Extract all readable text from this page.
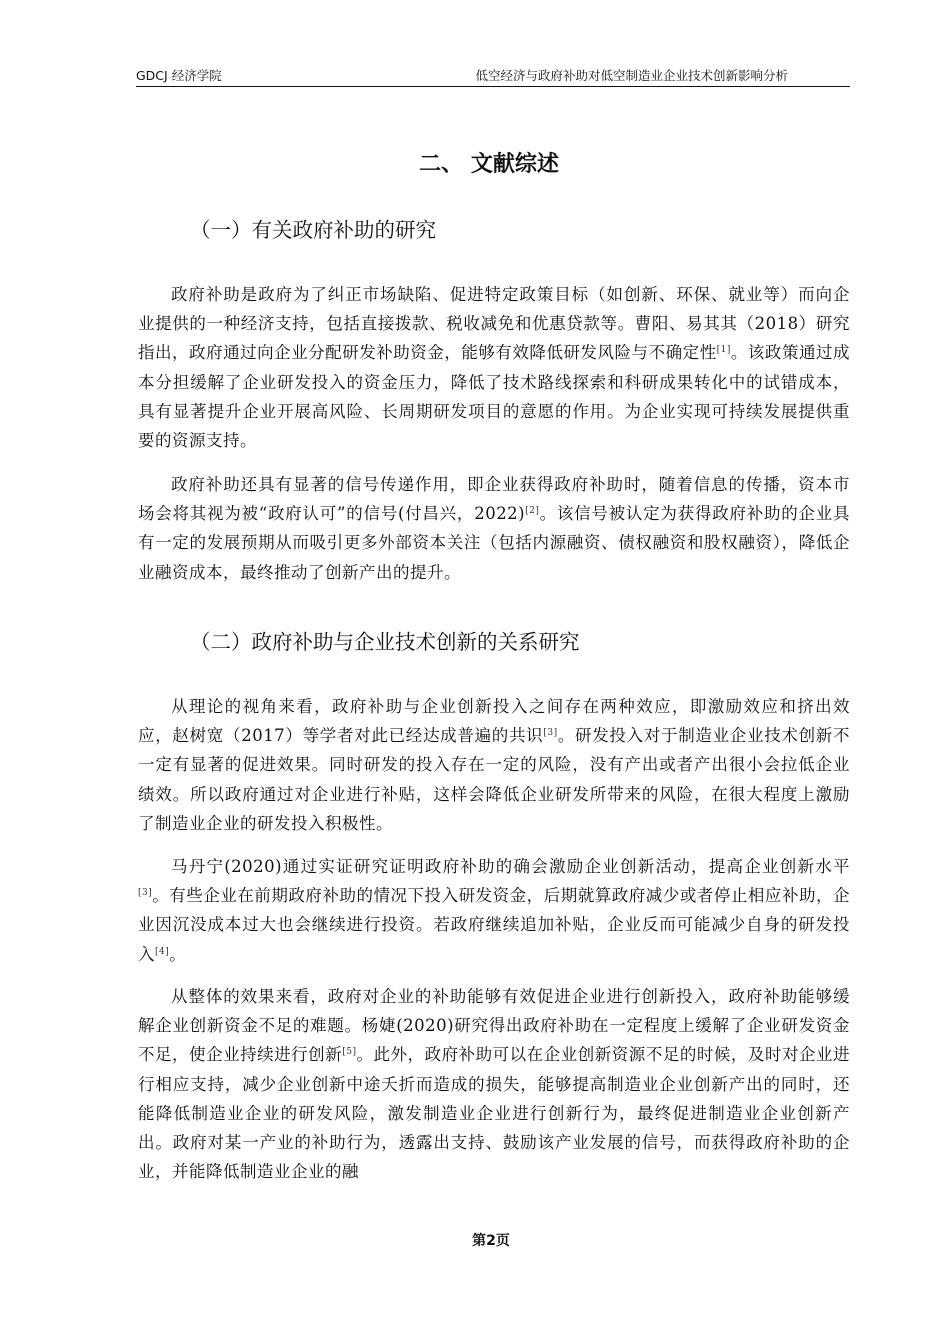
GDCJ 经济学院	低空经济与政府补助对低空制造业企业技术创新影响分析
二、 文献综述
（一）有关政府补助的研究

政府补助是政府为了纠正市场缺陷、促进特定政策目标（如创新、环保、就业等）而向企业提供的一种经济支持，包括直接拨款、税收减免和优惠贷款等。曹阳、易其其（2018）研究指出，政府通过向企业分配研发补助资金，能够有效降低研发风险与不确定性[1]。该政策通过成本分担缓解了企业研发投入的资金压力，降低了技术路线探索和科研成果转化中的试错成本，具有显著提升企业开展高风险、长周期研发项目的意愿的作用。为企业实现可持续发展提供重要的资源支持。

政府补助还具有显著的信号传递作用，即企业获得政府补助时，随着信息的传播，资本市场会将其视为被“政府认可”的信号(付昌兴，2022)[2]。该信号被认定为获得政府补助的企业具有一定的发展预期从而吸引更多外部资本关注（包括内源融资、债权融资和股权融资），降低企业融资成本，最终推动了创新产出的提升。

（二）政府补助与企业技术创新的关系研究

从理论的视角来看，政府补助与企业创新投入之间存在两种效应，即激励效应和挤出效应，赵树宽（2017）等学者对此已经达成普遍的共识[3]。研发投入对于制造业企业技术创新不一定有显著的促进效果。同时研发的投入存在一定的风险，没有产出或者产出很小会拉低企业绩效。所以政府通过对企业进行补贴，这样会降低企业研发所带来的风险，在很大程度上激励了制造业企业的研发投入积极性。

马丹宁(2020)通过实证研究证明政府补助的确会激励企业创新活动，提高企业创新水平[3]。有些企业在前期政府补助的情况下投入研发资金，后期就算政府减少或者停止相应补助，企业因沉没成本过大也会继续进行投资。若政府继续追加补贴，企业反而可能减少自身的研发投入[4]。

从整体的效果来看，政府对企业的补助能够有效促进企业进行创新投入，政府补助能够缓解企业创新资金不足的难题。杨婕(2020)研究得出政府补助在一定程度上缓解了企业研发资金不足，使企业持续进行创新[5]。此外，政府补助可以在企业创新资源不足的时候，及时对企业进行相应支持，减少企业创新中途夭折而造成的损失，能够提高制造业企业创新产出的同时，还能降低制造业企业的研发风险，激发制造业企业进行创新行为，最终促进制造业企业创新产出。政府对某一产业的补助行为，透露出支持、鼓励该产业发展的信号，而获得政府补助的企业，并能降低制造业企业的融

第2页
